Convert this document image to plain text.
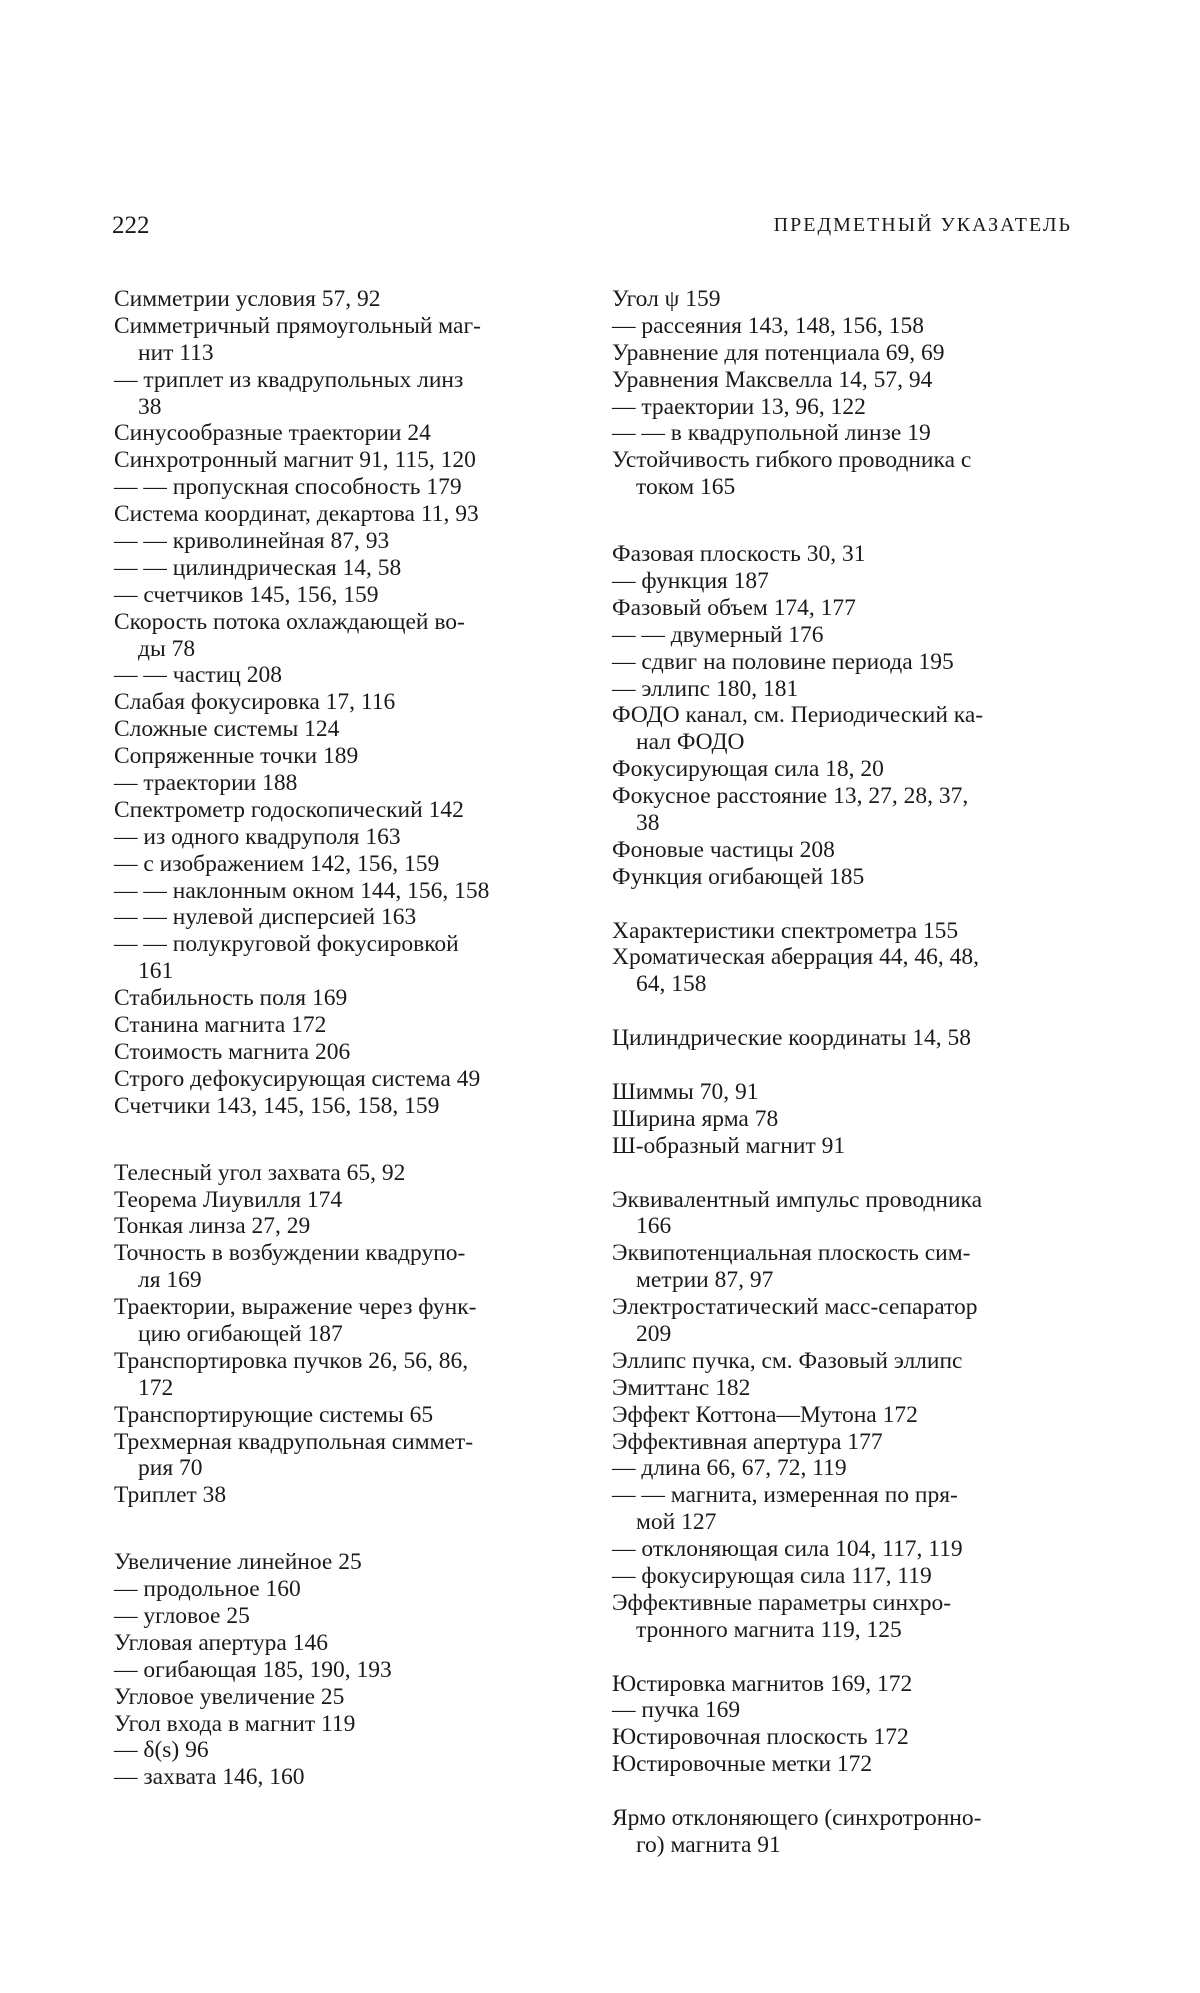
222	ПРЕДМЕТНЫЙ УКАЗАТЕЛЬ
Симметрии условия 57, 92
Симметричный прямоугольный маг-
нит 113
— триплет из квадрупольных линз
38
Синусообразные траектории 24
Синхротронный магнит 91, 115, 120
— — пропускная способность 179
Система координат, декартова 11, 93
— — криволинейная 87, 93
— — цилиндрическая 14, 58
— счетчиков 145, 156, 159
Скорость потока охлаждающей во-
ды 78
— — частиц 208
Слабая фокусировка 17, 116
Сложные системы 124
Сопряженные точки 189
— траектории 188
Спектрометр годоскопический 142
— из одного квадруполя 163
— с изображением 142, 156, 159
— — наклонным окном 144, 156, 158
— — нулевой дисперсией 163
— — полукруговой фокусировкой
161
Стабильность поля 169
Станина магнита 172
Стоимость магнита 206
Строго дефокусирующая система 49
Счетчики 143, 145, 156, 158, 159
Телесный угол захвата 65, 92
Теорема Лиувилля 174
Тонкая линза 27, 29
Точность в возбуждении квадрупо-
ля 169
Траектории, выражение через функ-
цию огибающей 187
Транспортировка пучков 26, 56, 86,
172
Транспортирующие системы 65
Трехмерная квадрупольная симмет-
рия 70
Триплет 38
Увеличение линейное 25
— продольное 160
— угловое 25
Угловая апертура 146
— огибающая 185, 190, 193
Угловое увеличение 25
Угол входа в магнит 119
— δ(s) 96
— захвата 146, 160
Угол ψ 159
— рассеяния 143, 148, 156, 158
Уравнение для потенциала 69, 69
Уравнения Максвелла 14, 57, 94
— траектории 13, 96, 122
— — в квадрупольной линзе 19
Устойчивость гибкого проводника с
током 165
Фазовая плоскость 30, 31
— функция 187
Фазовый объем 174, 177
— — двумерный 176
— сдвиг на половине периода 195
— эллипс 180, 181
ФОДО канал, см. Периодический ка-
нал ФОДО
Фокусирующая сила 18, 20
Фокусное расстояние 13, 27, 28, 37,
38
Фоновые частицы 208
Функция огибающей 185
Характеристики спектрометра 155
Хроматическая аберрация 44, 46, 48,
64, 158
Цилиндрические координаты 14, 58
Шиммы 70, 91
Ширина ярма 78
Ш-образный магнит 91
Эквивалентный импульс проводника
166
Эквипотенциальная плоскость сим-
метрии 87, 97
Электростатический масс-сепаратор
209
Эллипс пучка, см. Фазовый эллипс
Эмиттанс 182
Эффект Коттона—Мутона 172
Эффективная апертура 177
— длина 66, 67, 72, 119
— — магнита, измеренная по пря-
мой 127
— отклоняющая сила 104, 117, 119
— фокусирующая сила 117, 119
Эффективные параметры синхро-
тронного магнита 119, 125
Юстировка магнитов 169, 172
— пучка 169
Юстировочная плоскость 172
Юстировочные метки 172
Ярмо отклоняющего (синхротронно-
го) магнита 91
